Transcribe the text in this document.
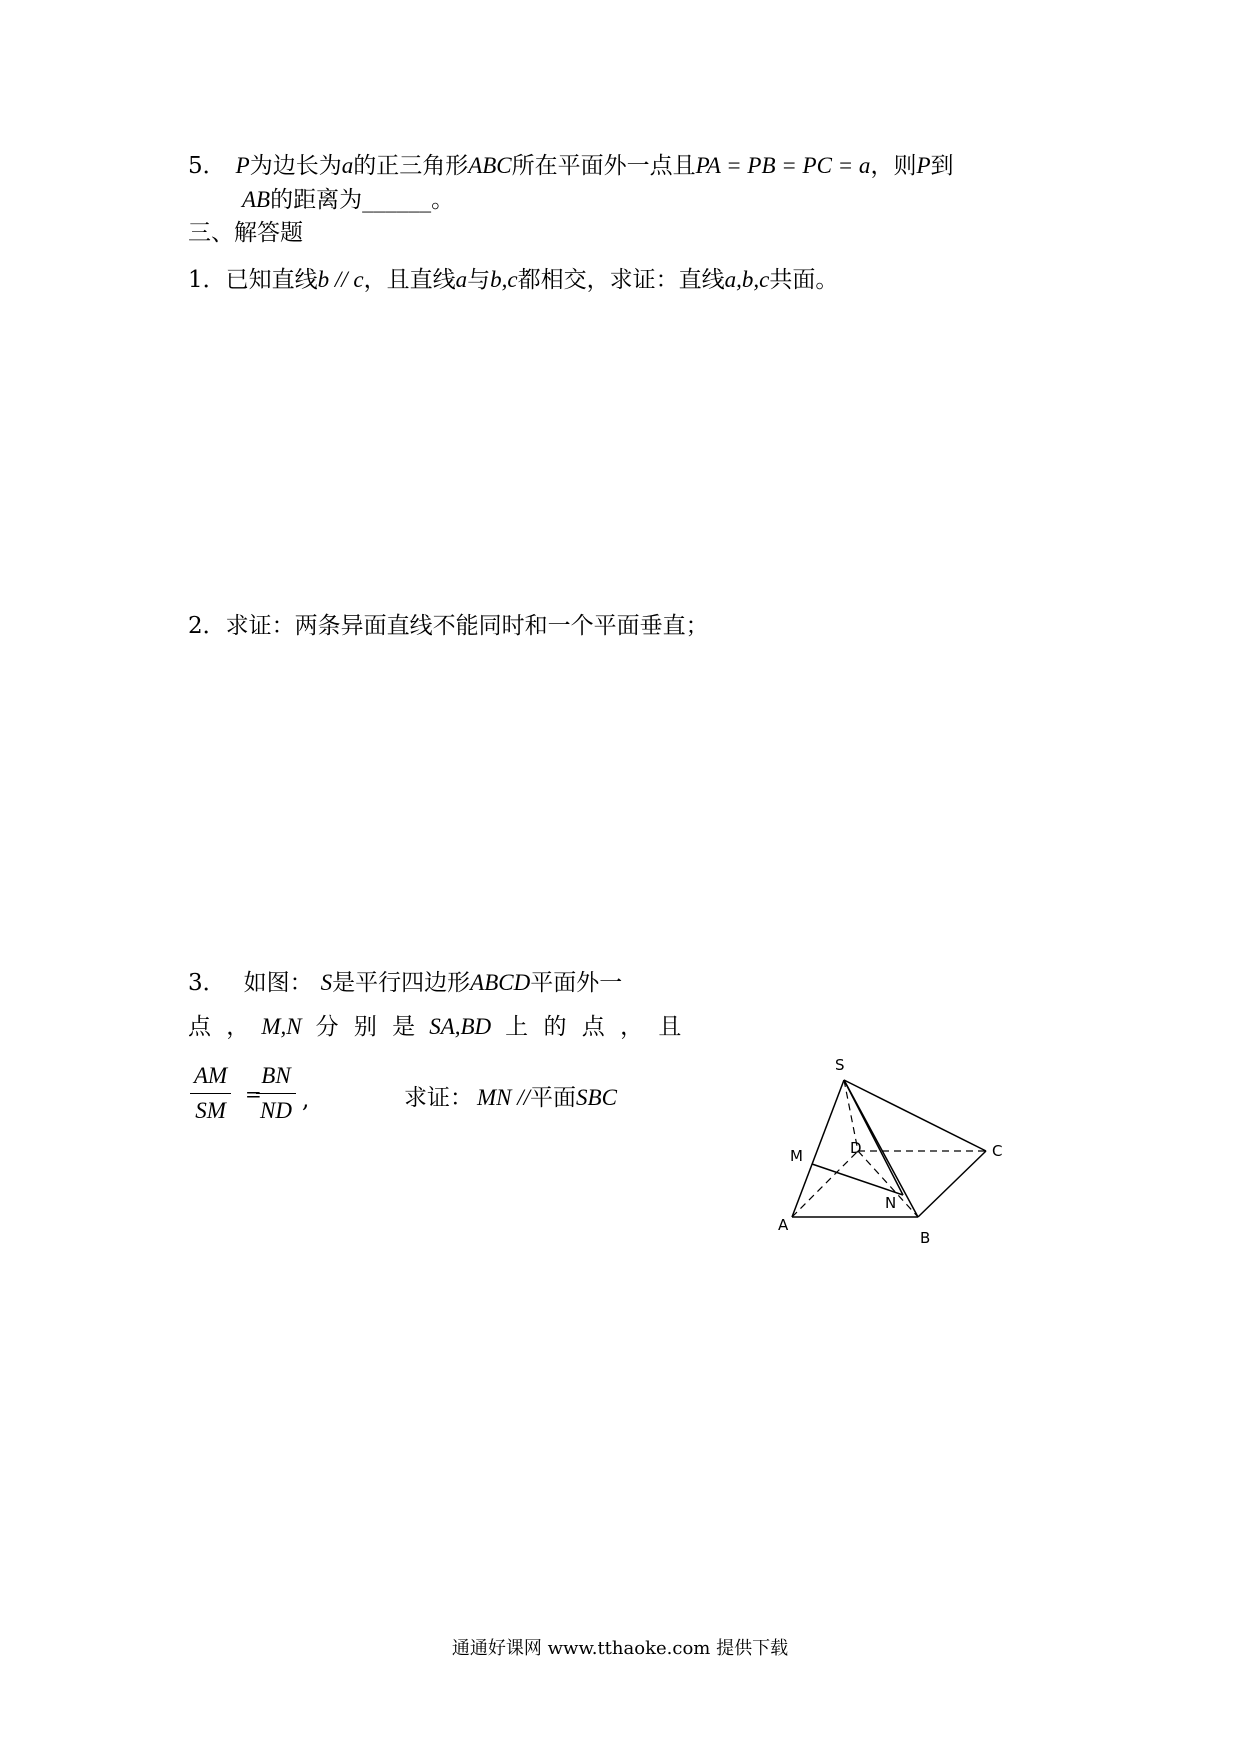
5． P为边长为a的正三角形ABC所在平面外一点且PA = PB = PC = a，则P到
AB的距离为______。
三、解答题
1．已知直线b // c，且直线a与b,c都相交，求证：直线a,b,c共面。
2．求证：两条异面直线不能同时和一个平面垂直；
3． 如图： S是平行四边形ABCD平面外一
点 ， M,N 分 别 是 SA,BD 上 的 点 ， 且
$\frac{AM}{SM}$ =
$\frac{BN}{ND}$ ,	求证： MN //平面SBC
S
M	D	C
N
A
B
通通好课网 www.tthaoke.com 提供下载
